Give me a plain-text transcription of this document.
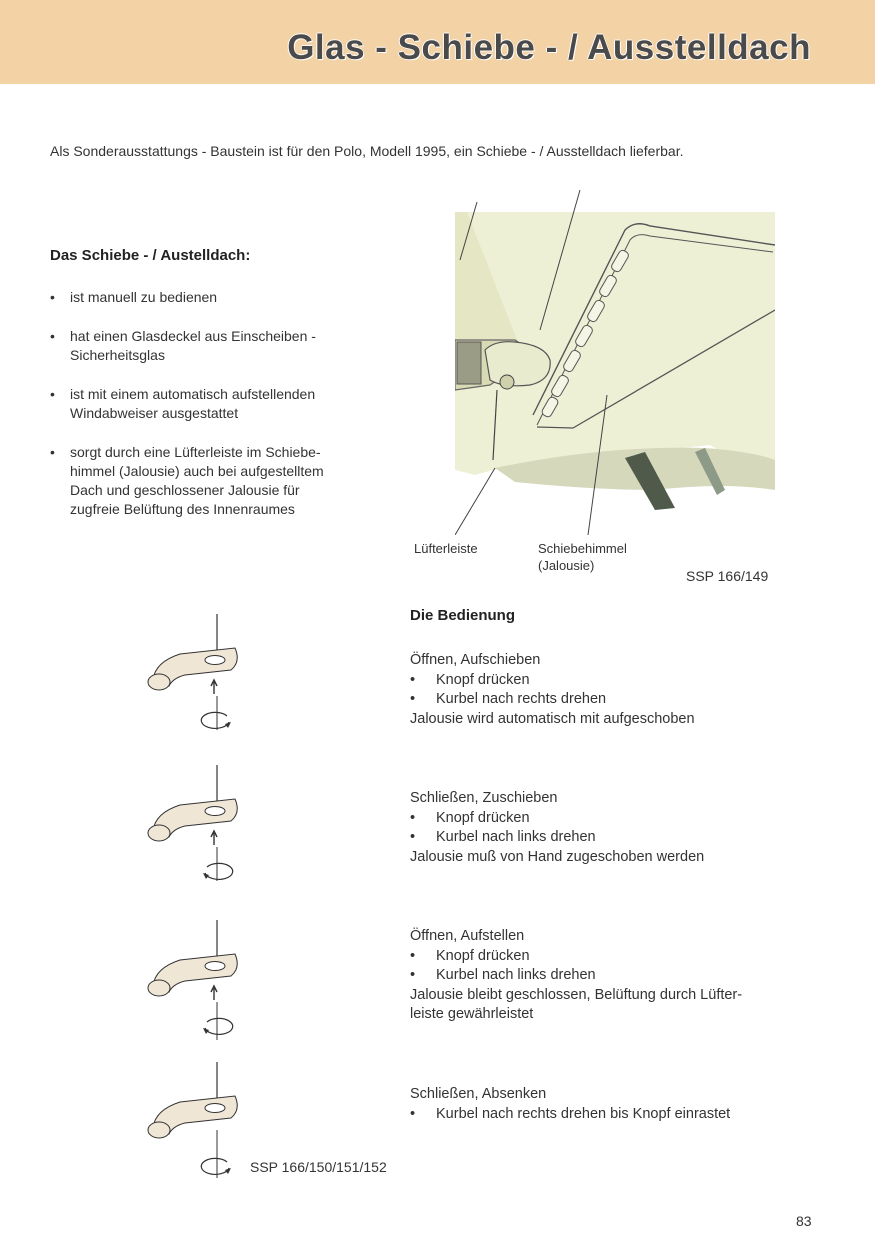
Glas - Schiebe - / Ausstelldach
Als Sonderausstattungs - Baustein ist für den Polo, Modell 1995, ein Schiebe - / Ausstelldach lieferbar.
Das Schiebe - / Austelldach:
• ist manuell zu bedienen
• hat einen Glasdeckel aus Einscheiben -
Sicherheitsglas
• ist mit einem automatisch aufstellenden
Windabweiser ausgestattet
• sorgt durch eine Lüfterleiste im Schiebe-
himmel (Jalousie) auch bei aufgestelltem
Dach und geschlossener Jalousie für
zugfreie Belüftung des Innenraumes
Lüfterleiste	Schiebehimmel
(Jalousie)
SSP 166/149
Die Bedienung
Öffnen, Aufschieben
• Knopf drücken
• Kurbel nach rechts drehen
Jalousie wird automatisch mit aufgeschoben
Schließen, Zuschieben
• Knopf drücken
• Kurbel nach links drehen
Jalousie muß von Hand zugeschoben werden
Öffnen, Aufstellen
• Knopf drücken
• Kurbel nach links drehen
Jalousie bleibt geschlossen, Belüftung durch Lüfter-
leiste gewährleistet
Schließen, Absenken
• Kurbel nach rechts drehen bis Knopf einrastet
SSP 166/150/151/152
83
